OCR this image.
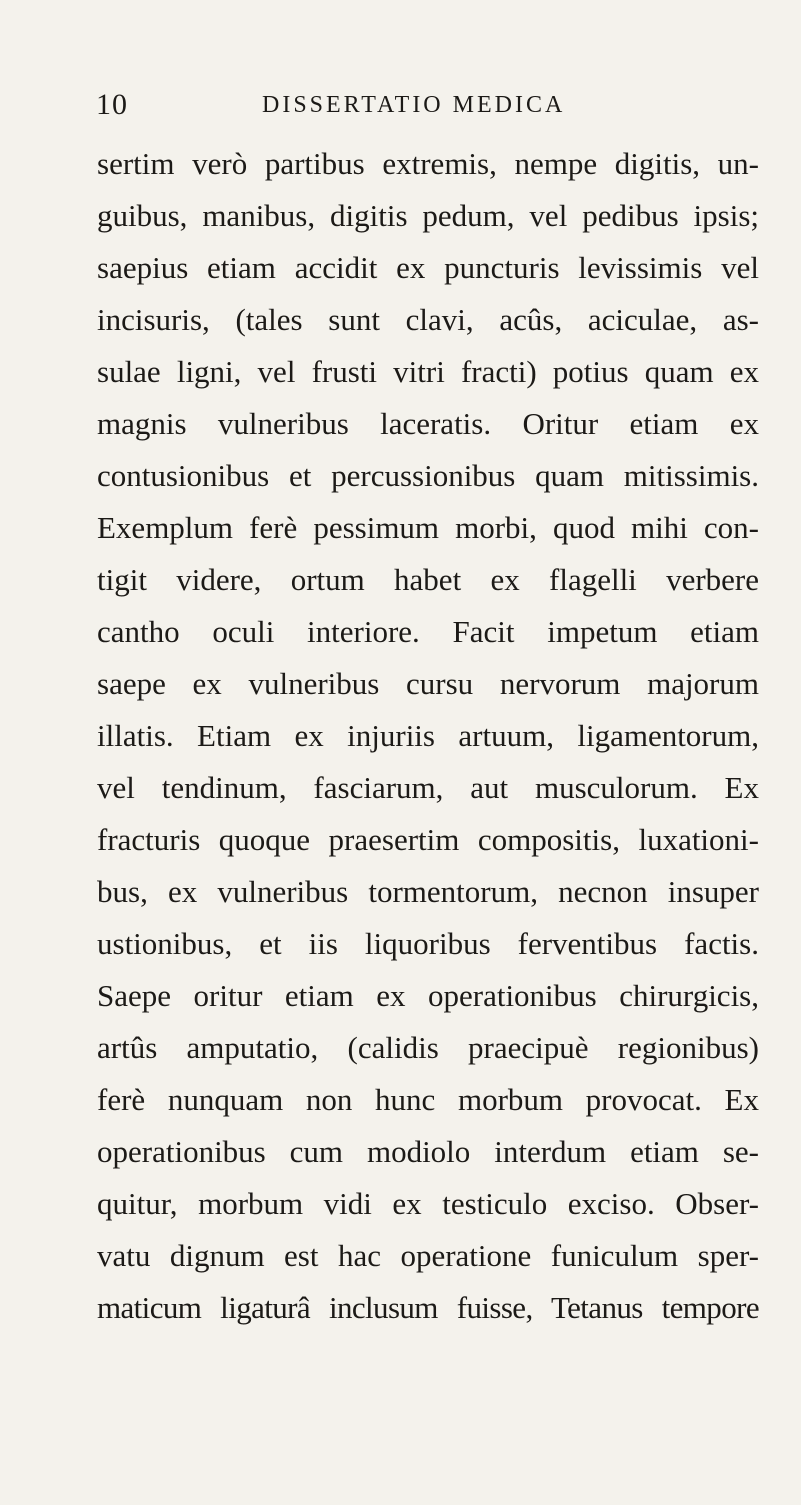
10	DISSERTATIO MEDICA
sertim verò partibus extremis, nempe digitis, un-
guibus, manibus, digitis pedum, vel pedibus ipsis;
saepius etiam accidit ex puncturis levissimis vel
incisuris, (tales sunt clavi, acûs, aciculae, as-
sulae ligni, vel frusti vitri fracti) potius quam ex
magnis vulneribus laceratis. Oritur etiam ex
contusionibus et percussionibus quam mitissimis.
Exemplum ferè pessimum morbi, quod mihi con-
tigit videre, ortum habet ex flagelli verbere
cantho oculi interiore. Facit impetum etiam
saepe ex vulneribus cursu nervorum majorum
illatis. Etiam ex injuriis artuum, ligamentorum,
vel tendinum, fasciarum, aut musculorum. Ex
fracturis quoque praesertim compositis, luxationi-
bus, ex vulneribus tormentorum, necnon insuper
ustionibus, et iis liquoribus ferventibus factis.
Saepe oritur etiam ex operationibus chirurgicis,
artûs amputatio, (calidis praecipuè regionibus)
ferè nunquam non hunc morbum provocat. Ex
operationibus cum modiolo interdum etiam se-
quitur, morbum vidi ex testiculo exciso. Obser-
vatu dignum est hac operatione funiculum sper-
maticum ligaturâ inclusum fuisse, Tetanus tempore
